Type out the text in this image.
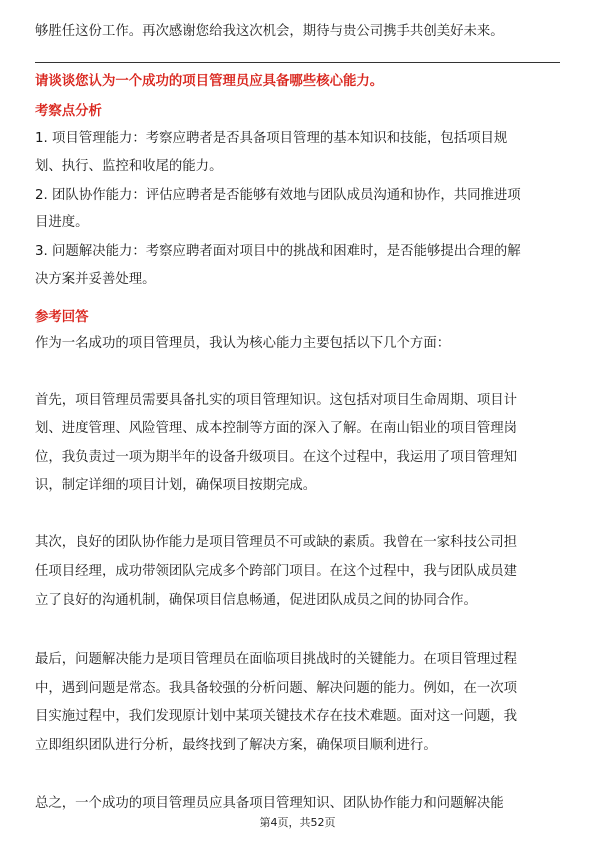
够胜任这份工作。再次感谢您给我这次机会，期待与贵公司携手共创美好未来。
请谈谈您认为一个成功的项目管理员应具备哪些核心能力。
考察点分析
1. 项目管理能力：考察应聘者是否具备项目管理的基本知识和技能，包括项目规
划、执行、监控和收尾的能力。
2. 团队协作能力：评估应聘者是否能够有效地与团队成员沟通和协作，共同推进项
目进度。
3. 问题解决能力：考察应聘者面对项目中的挑战和困难时，是否能够提出合理的解
决方案并妥善处理。
参考回答
作为一名成功的项目管理员，我认为核心能力主要包括以下几个方面：
首先，项目管理员需要具备扎实的项目管理知识。这包括对项目生命周期、项目计
划、进度管理、风险管理、成本控制等方面的深入了解。在南山铝业的项目管理岗
位，我负责过一项为期半年的设备升级项目。在这个过程中，我运用了项目管理知
识，制定详细的项目计划，确保项目按期完成。
其次，良好的团队协作能力是项目管理员不可或缺的素质。我曾在一家科技公司担
任项目经理，成功带领团队完成多个跨部门项目。在这个过程中，我与团队成员建
立了良好的沟通机制，确保项目信息畅通，促进团队成员之间的协同合作。
最后，问题解决能力是项目管理员在面临项目挑战时的关键能力。在项目管理过程
中，遇到问题是常态。我具备较强的分析问题、解决问题的能力。例如，在一次项
目实施过程中，我们发现原计划中某项关键技术存在技术难题。面对这一问题，我
立即组织团队进行分析，最终找到了解决方案，确保项目顺利进行。
总之，一个成功的项目管理员应具备项目管理知识、团队协作能力和问题解决能
第4页，共52页
